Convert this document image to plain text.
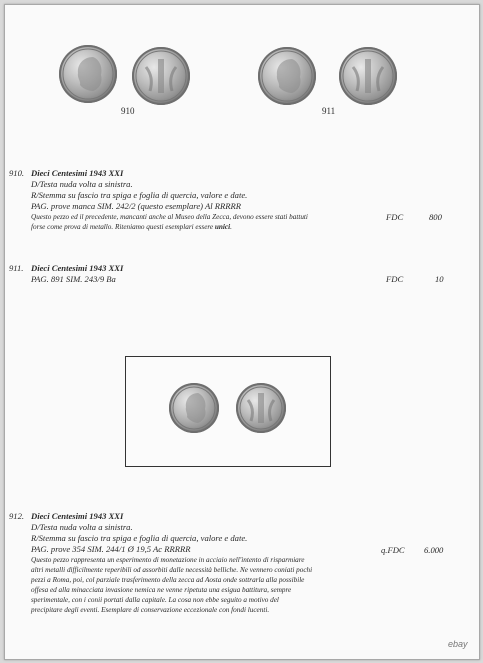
910	911
910. Dieci Centesimi 1943 XXI
D/Testa nuda volta a sinistra.
R/Stemma su fascio tra spiga e foglia di quercia, valore e date.
PAG. prove manca SIM. 242/2 (questo esemplare) Al RRRRR
Questo pezzo ed il precedente, mancanti anche al Museo della Zecca, devono essere stati battuti
forse come prova di metallo. Riteniamo questi esemplari essere unici.
FDC	800
911. Dieci Centesimi 1943 XXI
PAG. 891 SIM. 243/9 Ba	FDC	10
912. Dieci Centesimi 1943 XXI
D/Testa nuda volta a sinistra.
R/Stemma su fascio tra spiga e foglia di quercia, valore e date.
PAG. prove 354 SIM. 244/1 Ø 19,5 Ac RRRRR
Questo pezzo rappresenta un esperimento di monetazione in acciaio nell'intento di risparmiare
altri metalli difficilmente reperibili od assorbiti dalle necessità belliche. Ne vennero coniati pochi
pezzi a Roma, poi, col parziale trasferimento della zecca ad Aosta onde sottrarla alla possibile
offesa ed alla minacciata invasione nemica ne venne ripetuta una esigua battitura, sempre
sperimentale, con i conii portati dalla capitale. La cosa non ebbe seguito a motivo del
precipitare degli eventi. Esemplare di conservazione eccezionale con fondi lucenti.
q.FDC 6.000
ebay
